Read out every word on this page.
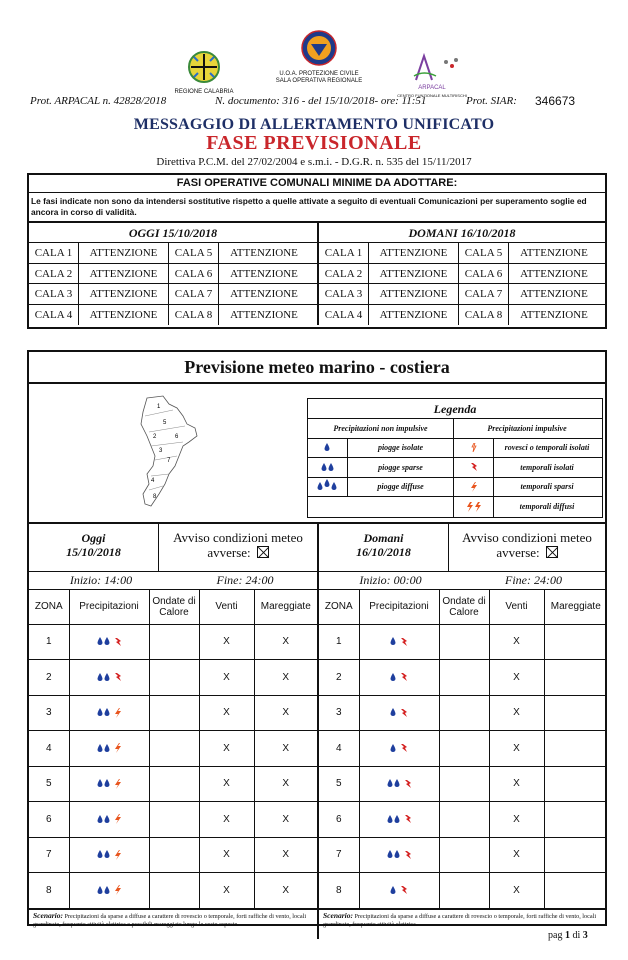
REGIONE CALABRIA
U.O.A. PROTEZIONE CIVILE
SALA OPERATIVA REGIONALE
ARPACAL
CENTRO FUNZIONALE MULTIRISCHI
Prot. ARPACAL n. 42828/2018	N. documento: 316 - del 15/10/2018- ore: 11:51	Prot. SIAR: 346673
MESSAGGIO DI ALLERTAMENTO UNIFICATO
FASE PREVISIONALE
Direttiva P.C.M. del 27/02/2004 e s.m.i. - D.G.R. n. 535 del 15/11/2017
FASI OPERATIVE COMUNALI MINIME DA ADOTTARE:
Le fasi indicate non sono da intendersi sostitutive rispetto a quelle attivate a seguito di eventuali Comunicazioni per superamento soglie ed ancora in corso di validità.
OGGI 15/10/2018
CALA 1	ATTENZIONE	CALA 5	ATTENZIONE
CALA 2	ATTENZIONE	CALA 6	ATTENZIONE
CALA 3	ATTENZIONE	CALA 7	ATTENZIONE
CALA 4	ATTENZIONE	CALA 8	ATTENZIONE
DOMANI 16/10/2018
CALA 1	ATTENZIONE	CALA 5	ATTENZIONE
CALA 2	ATTENZIONE	CALA 6	ATTENZIONE
CALA 3	ATTENZIONE	CALA 7	ATTENZIONE
CALA 4	ATTENZIONE	CALA 8	ATTENZIONE
Previsione meteo marino - costiera
1
5
2	6
3
7
4
8
Legenda
Precipitazioni non impulsive	Precipitazioni impulsive
piogge isolate	rovesci o temporali isolati
piogge sparse	temporali isolati
piogge diffuse	temporali sparsi
temporali diffusi
Oggi
15/10/2018
Avviso condizioni meteo avverse:
Domani
16/10/2018
Avviso condizioni meteo avverse:
Inizio: 14:00	Fine: 24:00	Inizio: 00:00	Fine: 24:00
ZONA	Precipitazioni	Ondate di Calore	Venti	Mareggiate
1			X	X
2			X	X
3			X	X
4			X	X
5			X	X
6			X	X
7			X	X
8			X	X
ZONA	Precipitazioni	Ondate di Calore	Venti	Mareggiate
1			X	
2			X	
3			X	
4			X	
5			X	
6			X	
7			X	
8			X	
Scenario: Precipitazioni da sparse a diffuse a carattere di rovescio o temporale, forti raffiche di vento, locali grandinate, frequente attività elettrica e possibili mareggiate lungo le coste esposte.
Scenario: Precipitazioni da sparse a diffuse a carattere di rovescio o temporale, forti raffiche di vento, locali grandinate, frequente attività elettrica.
pag 1 di 3
